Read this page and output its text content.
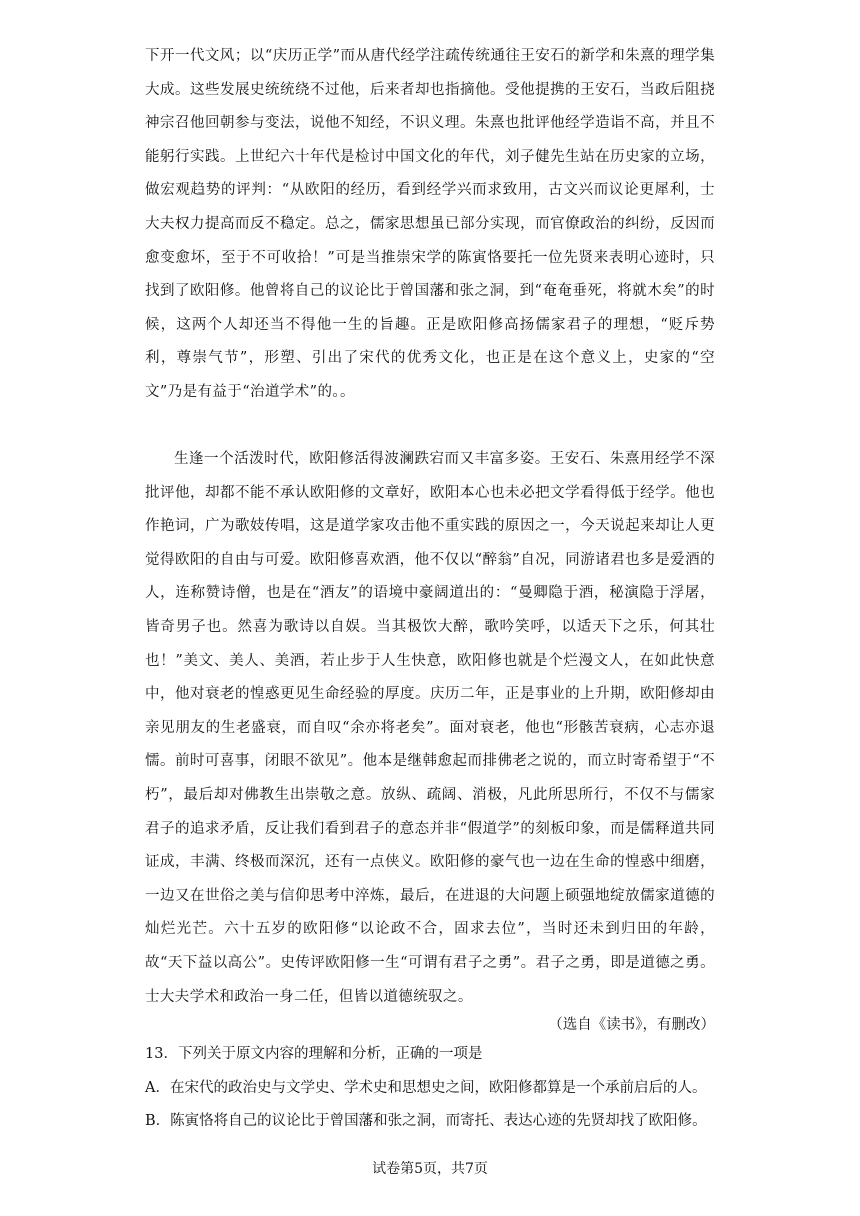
下开一代文风；以“庆历正学”而从唐代经学注疏传统通往王安石的新学和朱熹的理学集大成。这些发展史统统绕不过他，后来者却也指摘他。受他提携的王安石，当政后阻挠神宗召他回朝参与变法，说他不知经，不识义理。朱熹也批评他经学造诣不高，并且不能躬行实践。上世纪六十年代是检讨中国文化的年代，刘子健先生站在历史家的立场，做宏观趋势的评判：“从欧阳的经历，看到经学兴而求致用，古文兴而议论更犀利，士大夫权力提高而反不稳定。总之，儒家思想虽已部分实现，而官僚政治的纠纷，反因而愈变愈坏，至于不可收拾！”可是当推崇宋学的陈寅恪要托一位先贤来表明心迹时，只找到了欧阳修。他曾将自己的议论比于曾国藩和张之洞，到“奄奄垂死，将就木矣”的时候，这两个人却还当不得他一生的旨趣。正是欧阳修高扬儒家君子的理想，“贬斥势利，尊崇气节”，形塑、引出了宋代的优秀文化，也正是在这个意义上，史家的“空文”乃是有益于“治道学术”的。。

生逢一个活泼时代，欧阳修活得波澜跌宕而又丰富多姿。王安石、朱熹用经学不深批评他，却都不能不承认欧阳修的文章好，欧阳本心也未必把文学看得低于经学。他也作艳词，广为歌妓传唱，这是道学家攻击他不重实践的原因之一，今天说起来却让人更觉得欧阳的自由与可爱。欧阳修喜欢酒，他不仅以“醉翁”自况，同游诸君也多是爱酒的人，连称赞诗僧，也是在“酒友”的语境中豪阔道出的：“曼卿隐于酒，秘演隐于浮屠，皆奇男子也。然喜为歌诗以自娱。当其极饮大醉，歌吟笑呼，以适天下之乐，何其壮也！”美文、美人、美酒，若止步于人生快意，欧阳修也就是个烂漫文人，在如此快意中，他对衰老的惶惑更见生命经验的厚度。庆历二年，正是事业的上升期，欧阳修却由亲见朋友的生老盛衰，而自叹“余亦将老矣”。面对衰老，他也“形骸苦衰病，心志亦退懦。前时可喜事，闭眼不欲见”。他本是继韩愈起而排佛老之说的，而立时寄希望于“不朽”，最后却对佛教生出崇敬之意。放纵、疏阔、消极，凡此所思所行，不仅不与儒家君子的追求矛盾，反让我们看到君子的意态并非“假道学”的刻板印象，而是儒释道共同证成，丰满、终极而深沉，还有一点侠义。欧阳修的豪气也一边在生命的惶惑中细磨，一边又在世俗之美与信仰思考中淬炼，最后，在进退的大问题上硕强地绽放儒家道德的灿烂光芒。六十五岁的欧阳修“以论政不合，固求去位”，当时还未到归田的年龄，故“天下益以高公”。史传评欧阳修一生“可谓有君子之勇”。君子之勇，即是道德之勇。士大夫学术和政治一身二任，但皆以道德统驭之。

（选自《读书》，有删改）
13．下列关于原文内容的理解和分析，正确的一项是
A．在宋代的政治史与文学史、学术史和思想史之间，欧阳修都算是一个承前启后的人。
B．陈寅恪将自己的议论比于曾国藩和张之洞，而寄托、表达心迹的先贤却找了欧阳修。
试卷第5页，共7页
